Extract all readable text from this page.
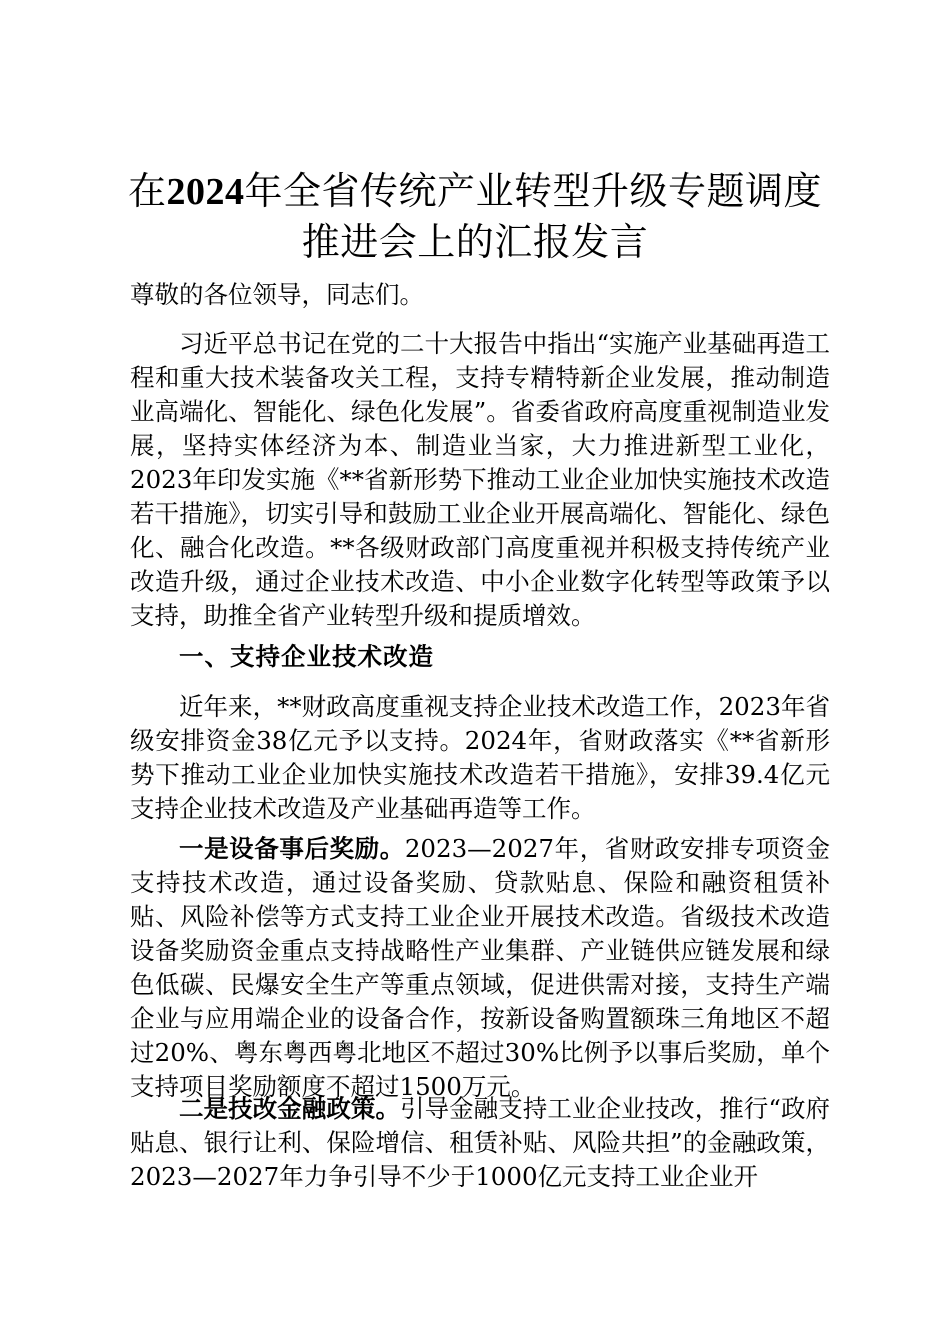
在2024年全省传统产业转型升级专题调度推进会上的汇报发言
尊敬的各位领导，同志们。
习近平总书记在党的二十大报告中指出“实施产业基础再造工程和重大技术装备攻关工程，支持专精特新企业发展，推动制造业高端化、智能化、绿色化发展”。省委省政府高度重视制造业发展，坚持实体经济为本、制造业当家，大力推进新型工业化，2023年印发实施《**省新形势下推动工业企业加快实施技术改造若干措施》，切实引导和鼓励工业企业开展高端化、智能化、绿色化、融合化改造。**各级财政部门高度重视并积极支持传统产业改造升级，通过企业技术改造、中小企业数字化转型等政策予以支持，助推全省产业转型升级和提质增效。
一、支持企业技术改造
近年来，**财政高度重视支持企业技术改造工作，2023年省级安排资金38亿元予以支持。2024年，省财政落实《**省新形势下推动工业企业加快实施技术改造若干措施》，安排39.4亿元支持企业技术改造及产业基础再造等工作。
一是设备事后奖励。2023—2027年，省财政安排专项资金支持技术改造，通过设备奖励、贷款贴息、保险和融资租赁补贴、风险补偿等方式支持工业企业开展技术改造。省级技术改造设备奖励资金重点支持战略性产业集群、产业链供应链发展和绿色低碳、民爆安全生产等重点领域，促进供需对接，支持生产端企业与应用端企业的设备合作，按新设备购置额珠三角地区不超过20%、粤东粤西粤北地区不超过30%比例予以事后奖励，单个支持项目奖励额度不超过1500万元。
二是技改金融政策。引导金融支持工业企业技改，推行“政府贴息、银行让利、保险增信、租赁补贴、风险共担”的金融政策，2023—2027年力争引导不少于1000亿元支持工业企业开
